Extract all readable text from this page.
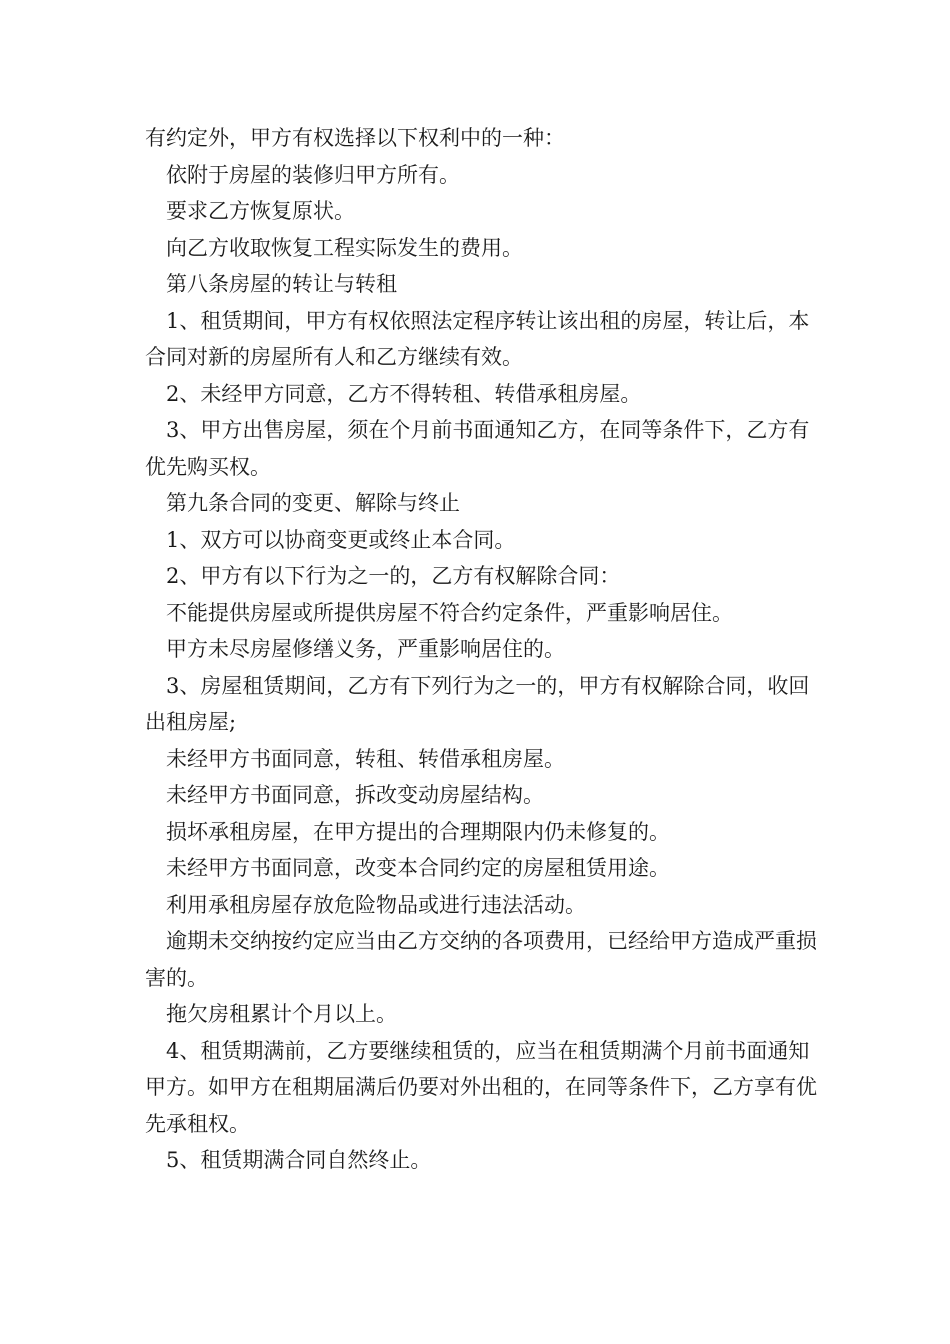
有约定外，甲方有权选择以下权利中的一种：

依附于房屋的装修归甲方所有。

要求乙方恢复原状。

向乙方收取恢复工程实际发生的费用。

第八条房屋的转让与转租

1、租赁期间，甲方有权依照法定程序转让该出租的房屋，转让后，本合同对新的房屋所有人和乙方继续有效。

2、未经甲方同意，乙方不得转租、转借承租房屋。

3、甲方出售房屋，须在个月前书面通知乙方，在同等条件下，乙方有优先购买权。

第九条合同的变更、解除与终止

1、双方可以协商变更或终止本合同。

2、甲方有以下行为之一的，乙方有权解除合同：

不能提供房屋或所提供房屋不符合约定条件，严重影响居住。

甲方未尽房屋修缮义务，严重影响居住的。

3、房屋租赁期间，乙方有下列行为之一的，甲方有权解除合同，收回出租房屋;

未经甲方书面同意，转租、转借承租房屋。

未经甲方书面同意，拆改变动房屋结构。

损坏承租房屋，在甲方提出的合理期限内仍未修复的。

未经甲方书面同意，改变本合同约定的房屋租赁用途。

利用承租房屋存放危险物品或进行违法活动。

逾期未交纳按约定应当由乙方交纳的各项费用，已经给甲方造成严重损害的。

拖欠房租累计个月以上。

4、租赁期满前，乙方要继续租赁的，应当在租赁期满个月前书面通知甲方。如甲方在租期届满后仍要对外出租的，在同等条件下，乙方享有优先承租权。

5、租赁期满合同自然终止。
